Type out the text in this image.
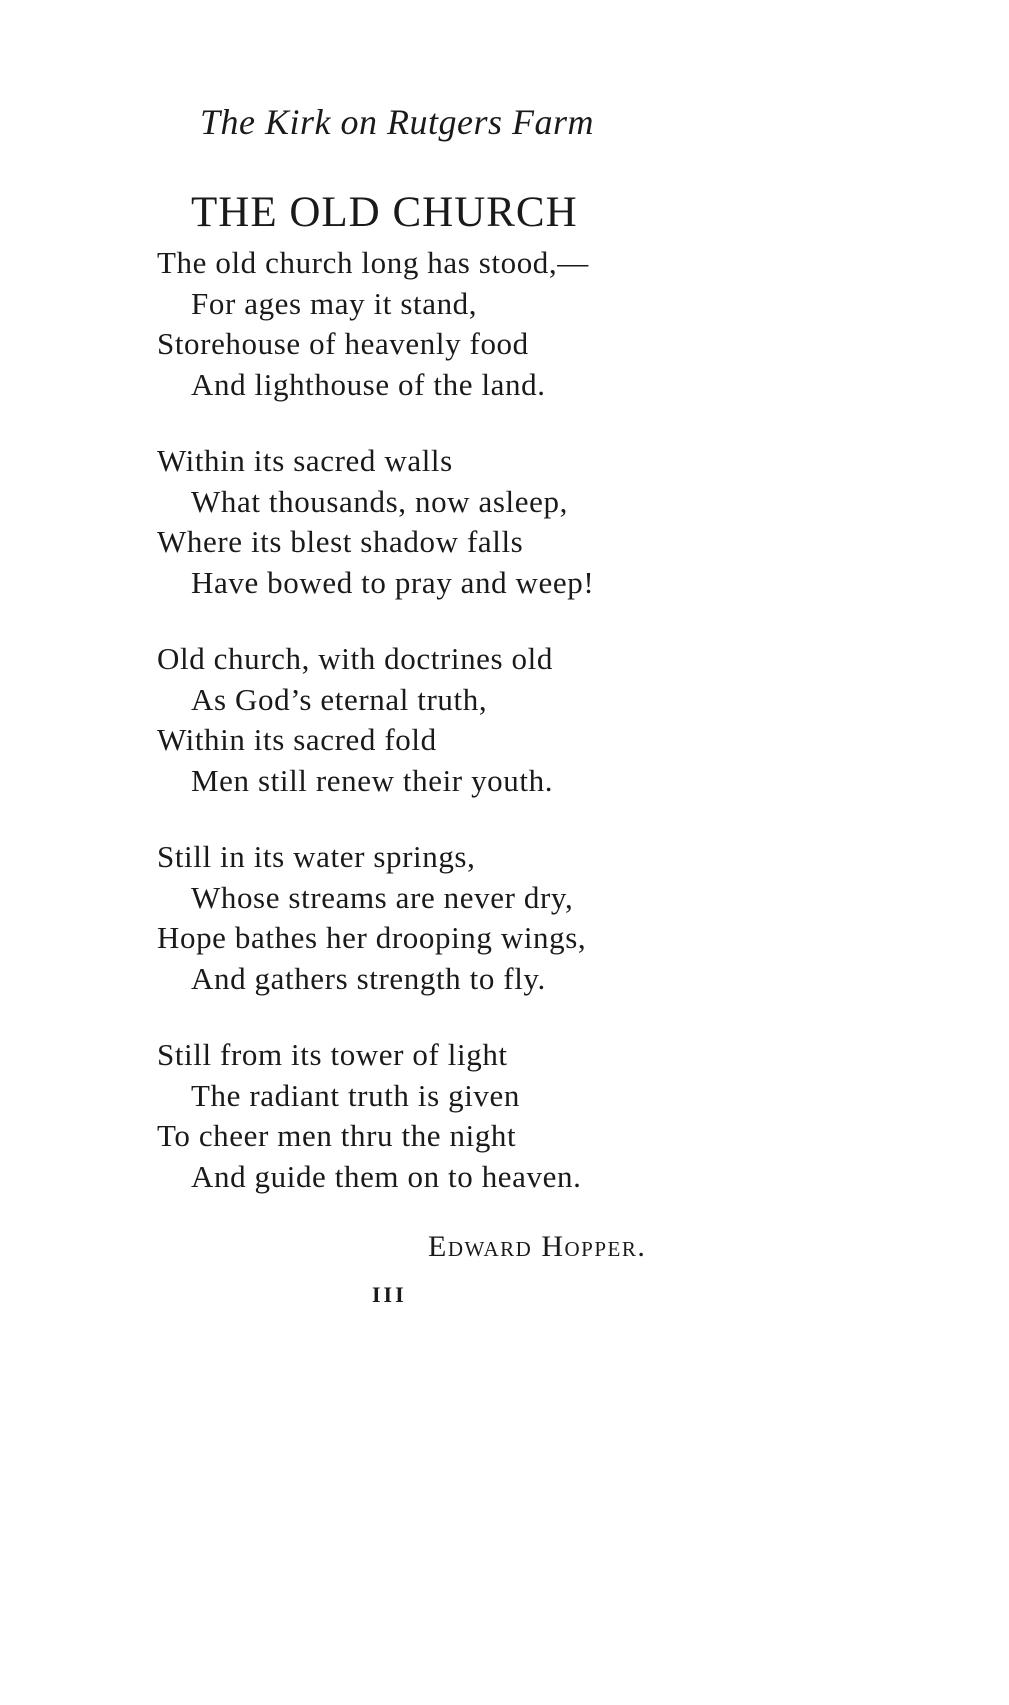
The Kirk on Rutgers Farm
THE OLD CHURCH
The old church long has stood,—
For ages may it stand,
Storehouse of heavenly food
And lighthouse of the land.
Within its sacred walls
What thousands, now asleep,
Where its blest shadow falls
Have bowed to pray and weep!
Old church, with doctrines old
As God’s eternal truth,
Within its sacred fold
Men still renew their youth.
Still in its water springs,
Whose streams are never dry,
Hope bathes her drooping wings,
And gathers strength to fly.
Still from its tower of light
The radiant truth is given
To cheer men thru the night
And guide them on to heaven.
Edward Hopper.
III
